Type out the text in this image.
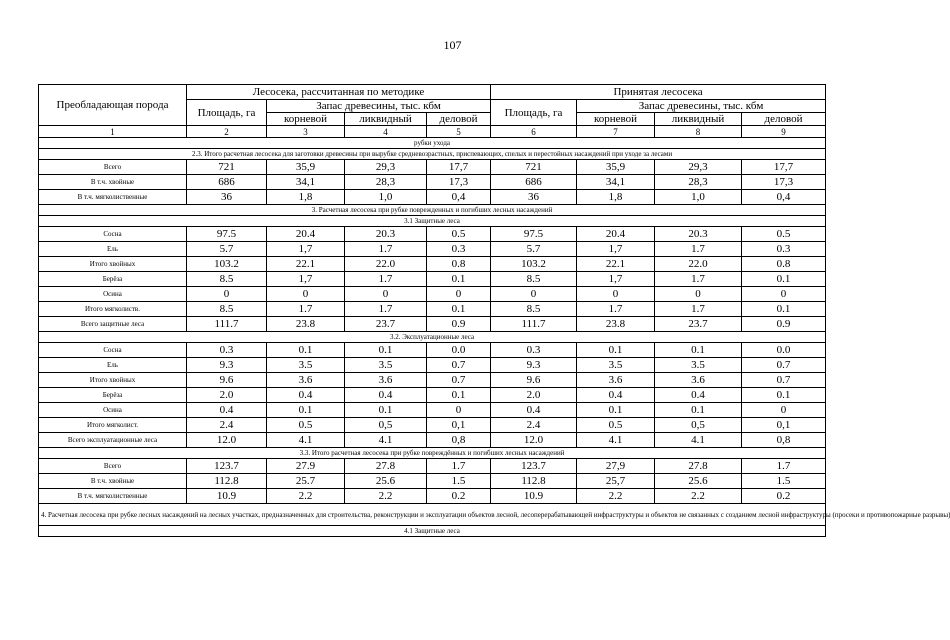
107
Преобладающая порода	Лесосека, рассчитанная по методике				Принятая лесосека			
	Площадь, га	Запас древесины, тыс. кбм			Площадь, га	Запас древесины, тыс. кбм		
		корневой	ликвидный	деловой		корневой	ликвидный	деловой
1	2	3	4	5	6	7	8	9
рубки ухода								
2.3. Итого расчетная лесосека для заготовки древесины при вырубке средневозрастных, приспевающих, спелых и перестойных насаждений при уходе за лесами								
Всего	721	35,9	29,3	17,7	721	35,9	29,3	17,7
В т.ч. хвойные	686	34,1	28,3	17,3	686	34,1	28,3	17,3
В т.ч. мягколиственные	36	1,8	1,0	0,4	36	1,8	1,0	0,4
3. Расчетная лесосека при рубке поврежденных и погибших лесных насаждений								
3.1 Защитные леса								
Сосна	97.5	20.4	20.3	0.5	97.5	20.4	20.3	0.5
Ель	5.7	1,7	1.7	0.3	5.7	1,7	1.7	0.3
Итого хвойных	103.2	22.1	22.0	0.8	103.2	22.1	22.0	0.8
Берёза	8.5	1,7	1.7	0.1	8.5	1,7	1.7	0.1
Осина	0	0	0	0	0	0	0	0
Итого мягколиств.	8.5	1.7	1.7	0.1	8.5	1.7	1.7	0.1
Всего защитные леса	111.7	23.8	23.7	0.9	111.7	23.8	23.7	0.9
3.2. Эксплуатационные леса								
Сосна	0.3	0.1	0.1	0.0	0.3	0.1	0.1	0.0
Ель	9.3	3.5	3.5	0.7	9.3	3.5	3.5	0.7
Итого хвойных	9.6	3.6	3.6	0.7	9.6	3.6	3.6	0.7
Берёза	2.0	0.4	0.4	0.1	2.0	0.4	0.4	0.1
Осина	0.4	0.1	0.1	0	0.4	0.1	0.1	0
Итого мягколист.	2.4	0.5	0,5	0,1	2.4	0.5	0,5	0,1
Всего эксплуатационные леса	12.0	4.1	4.1	0,8	12.0	4.1	4.1	0,8
3.3. Итого расчетная лесосека при рубке повреждённых и погибших лесных насаждений								
Всего	123.7	27.9	27.8	1.7	123.7	27,9	27.8	1.7
В т.ч. хвойные	112.8	25.7	25.6	1.5	112.8	25,7	25.6	1.5
В т.ч. мягколиственные	10.9	2.2	2.2	0.2	10.9	2.2	2.2	0.2
4. Расчетная лесосека при рубке лесных насаждений на лесных участках, предназначенных для строительства, реконструкции и эксплуатации объектов лесной, лесоперерабатывающей инфраструктуры и объектов не связанных с созданием лесной инфраструктуры (просеки и противопожарные разрывы)								
4.1 Защитные леса								
